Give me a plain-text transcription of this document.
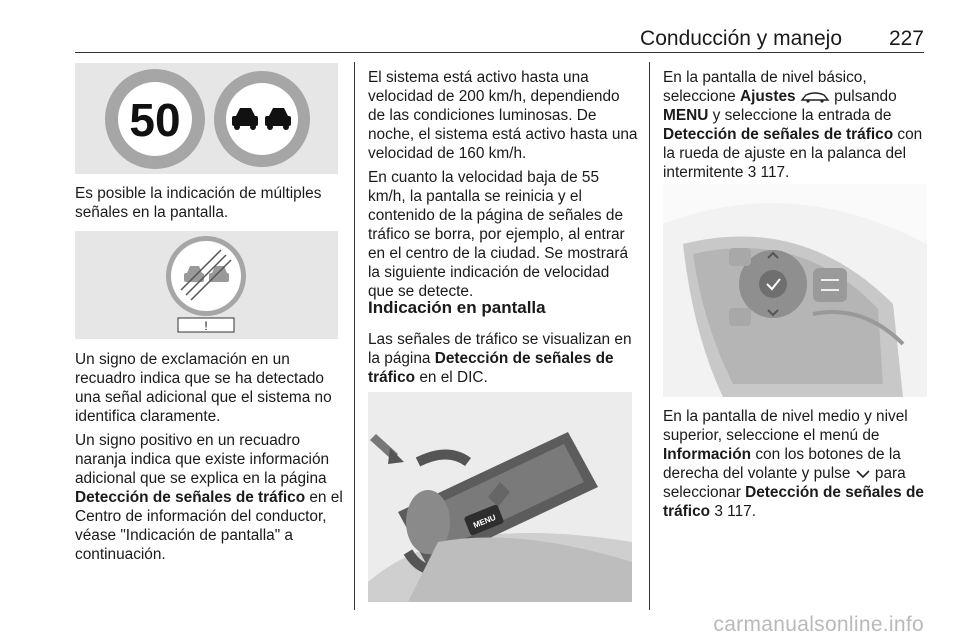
Conducción y manejo 227
50

Es posible la indicación de múltiples señales en la pantalla.

!

Un signo de exclamación en un recuadro indica que se ha detectado una señal adicional que el sistema no identifica claramente.

Un signo positivo en un recuadro naranja indica que existe información adicional que se explica en la página Detección de señales de tráfico en el Centro de información del conductor, véase "Indicación de pantalla" a continuación.

El sistema está activo hasta una velocidad de 200 km/h, dependiendo de las condiciones luminosas. De noche, el sistema está activo hasta una velocidad de 160 km/h.

En cuanto la velocidad baja de 55 km/h, la pantalla se reinicia y el contenido de la página de señales de tráfico se borra, por ejemplo, al entrar en el centro de la ciudad. Se mostrará la siguiente indicación de velocidad que se detecte.

Indicación en pantalla

Las señales de tráfico se visualizan en la página Detección de señales de tráfico en el DIC.

MENU

En la pantalla de nivel básico, seleccione Ajustes  pulsando MENU y seleccione la entrada de Detección de señales de tráfico con la rueda de ajuste en la palanca del intermitente 3 117.

En la pantalla de nivel medio y nivel superior, seleccione el menú de Información con los botones de la derecha del volante y pulse  para seleccionar Detección de señales de tráfico 3 117.

carmanualsonline.info
